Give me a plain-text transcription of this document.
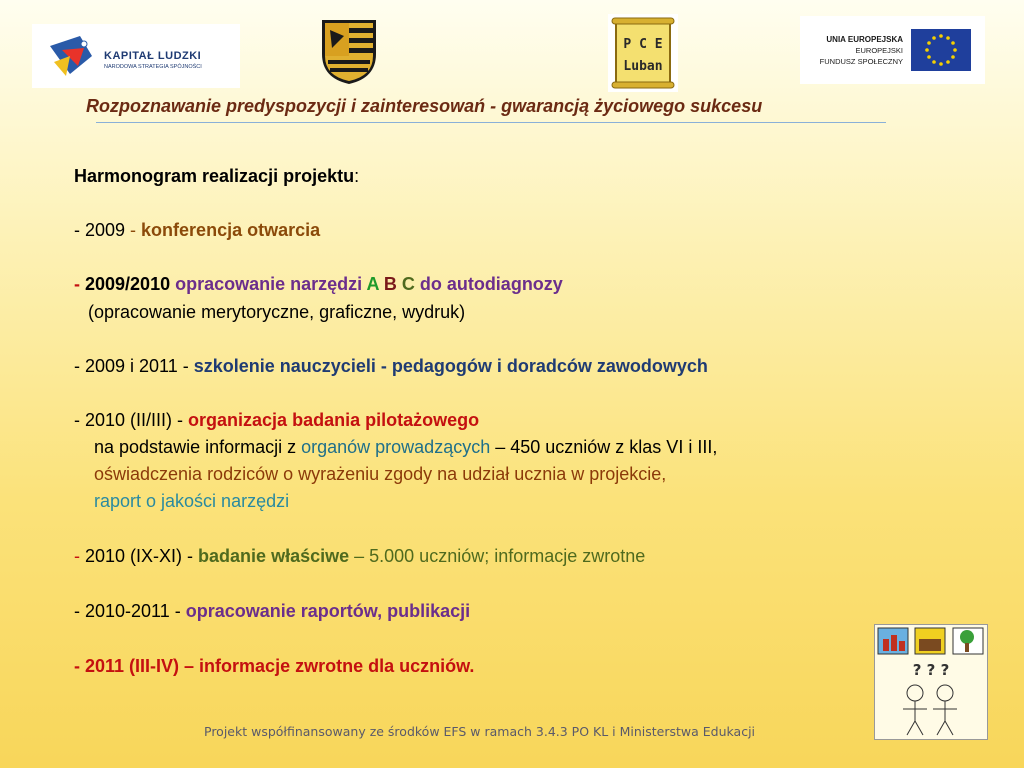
KAPITAŁ LUDZKI
NARODOWA STRATEGIA SPÓJNOŚCI
P C E
Luban
UNIA EUROPEJSKA
EUROPEJSKI
FUNDUSZ SPOŁECZNY
Rozpoznawanie predyspozycji i zainteresowań - gwarancją życiowego sukcesu
Harmonogram realizacji projektu:
- 2009 - konferencja otwarcia
- 2009/2010 opracowanie narzędzi A B C do autodiagnozy
(opracowanie merytoryczne, graficzne, wydruk)
- 2009 i 2011 - szkolenie nauczycieli - pedagogów i doradców zawodowych
- 2010 (II/III) - organizacja badania pilotażowego
na podstawie informacji z organów prowadzących – 450 uczniów z klas VI i III,
oświadczenia rodziców o wyrażeniu zgody na udział ucznia w projekcie,
raport o jakości narzędzi
- 2010 (IX-XI) - badanie właściwe – 5.000 uczniów; informacje zwrotne
- 2010-2011 - opracowanie raportów, publikacji
- 2011 (III-IV) – informacje zwrotne dla uczniów.	? ? ?
Projekt współfinansowany ze środków EFS w ramach 3.4.3 PO KL i Ministerstwa Edukacji
